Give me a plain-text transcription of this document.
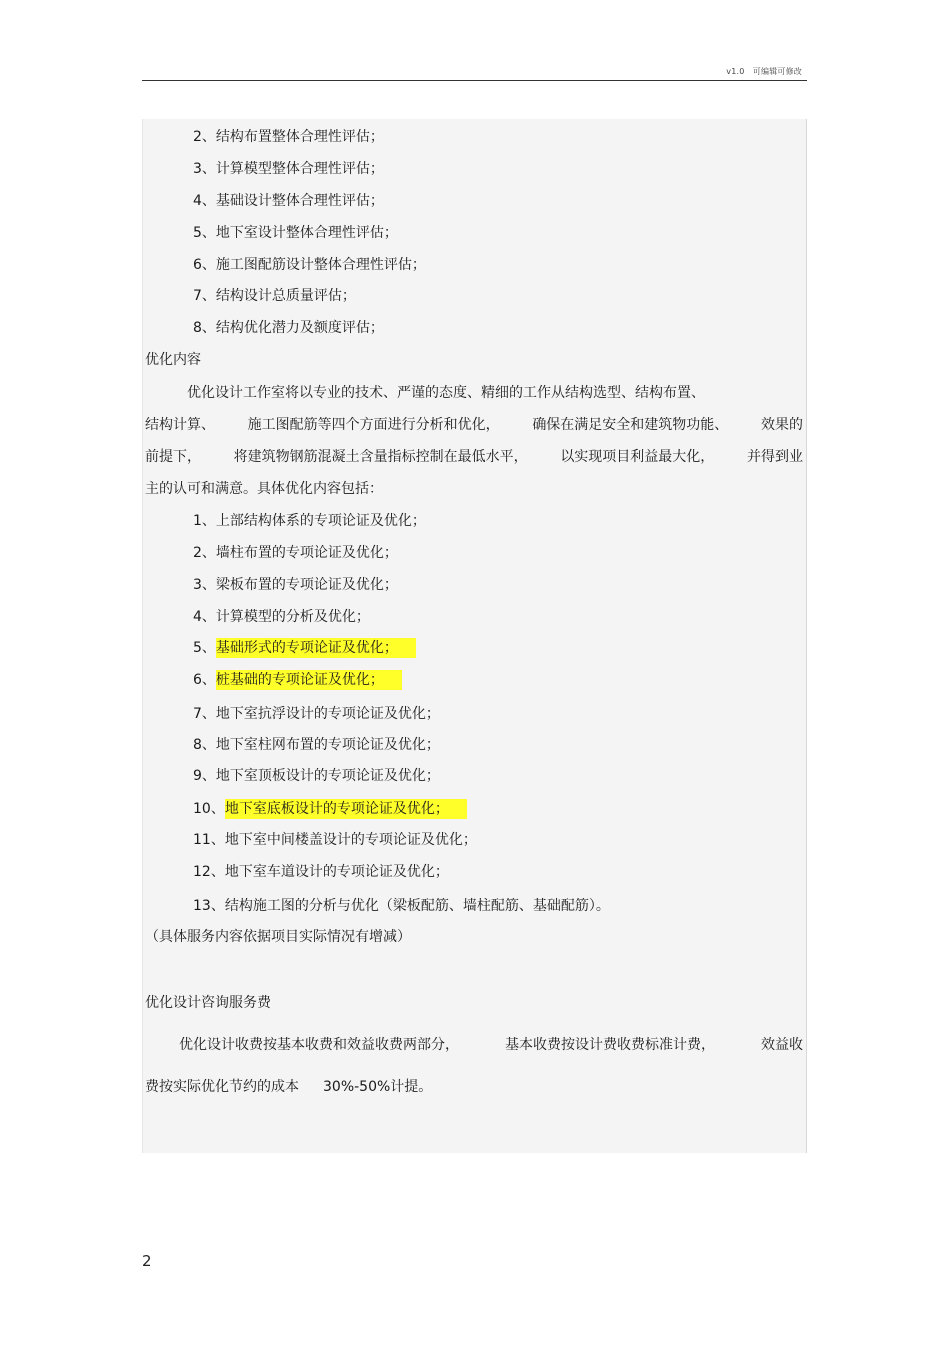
v1.0 可编辑可修改
2、结构布置整体合理性评估；
3、计算模型整体合理性评估；
4、基础设计整体合理性评估；
5、地下室设计整体合理性评估；
6、施工图配筋设计整体合理性评估；
7、结构设计总质量评估；
8、结构优化潜力及额度评估；
优化内容
优化设计工作室将以专业的技术、严谨的态度、精细的工作从结构选型、结构布置、
结构计算、 施工图配筋等四个方面进行分析和优化， 确保在满足安全和建筑物功能、 效果的
前提下， 将建筑物钢筋混凝土含量指标控制在最低水平， 以实现项目利益最大化， 并得到业
主的认可和满意。具体优化内容包括：
1、上部结构体系的专项论证及优化；
2、墙柱布置的专项论证及优化；
3、梁板布置的专项论证及优化；
4、计算模型的分析及优化；
5、基础形式的专项论证及优化；
6、桩基础的专项论证及优化；
7、地下室抗浮设计的专项论证及优化；
8、地下室柱网布置的专项论证及优化；
9、地下室顶板设计的专项论证及优化；
10、地下室底板设计的专项论证及优化；
11、地下室中间楼盖设计的专项论证及优化；
12、地下室车道设计的专项论证及优化；
13、结构施工图的分析与优化（梁板配筋、墙柱配筋、基础配筋）。
（具体服务内容依据项目实际情况有增减）
优化设计咨询服务费
优化设计收费按基本收费和效益收费两部分，	基本收费按设计费收费标准计费，	效益收
费按实际优化节约的成本 30%-50%计提。
2
